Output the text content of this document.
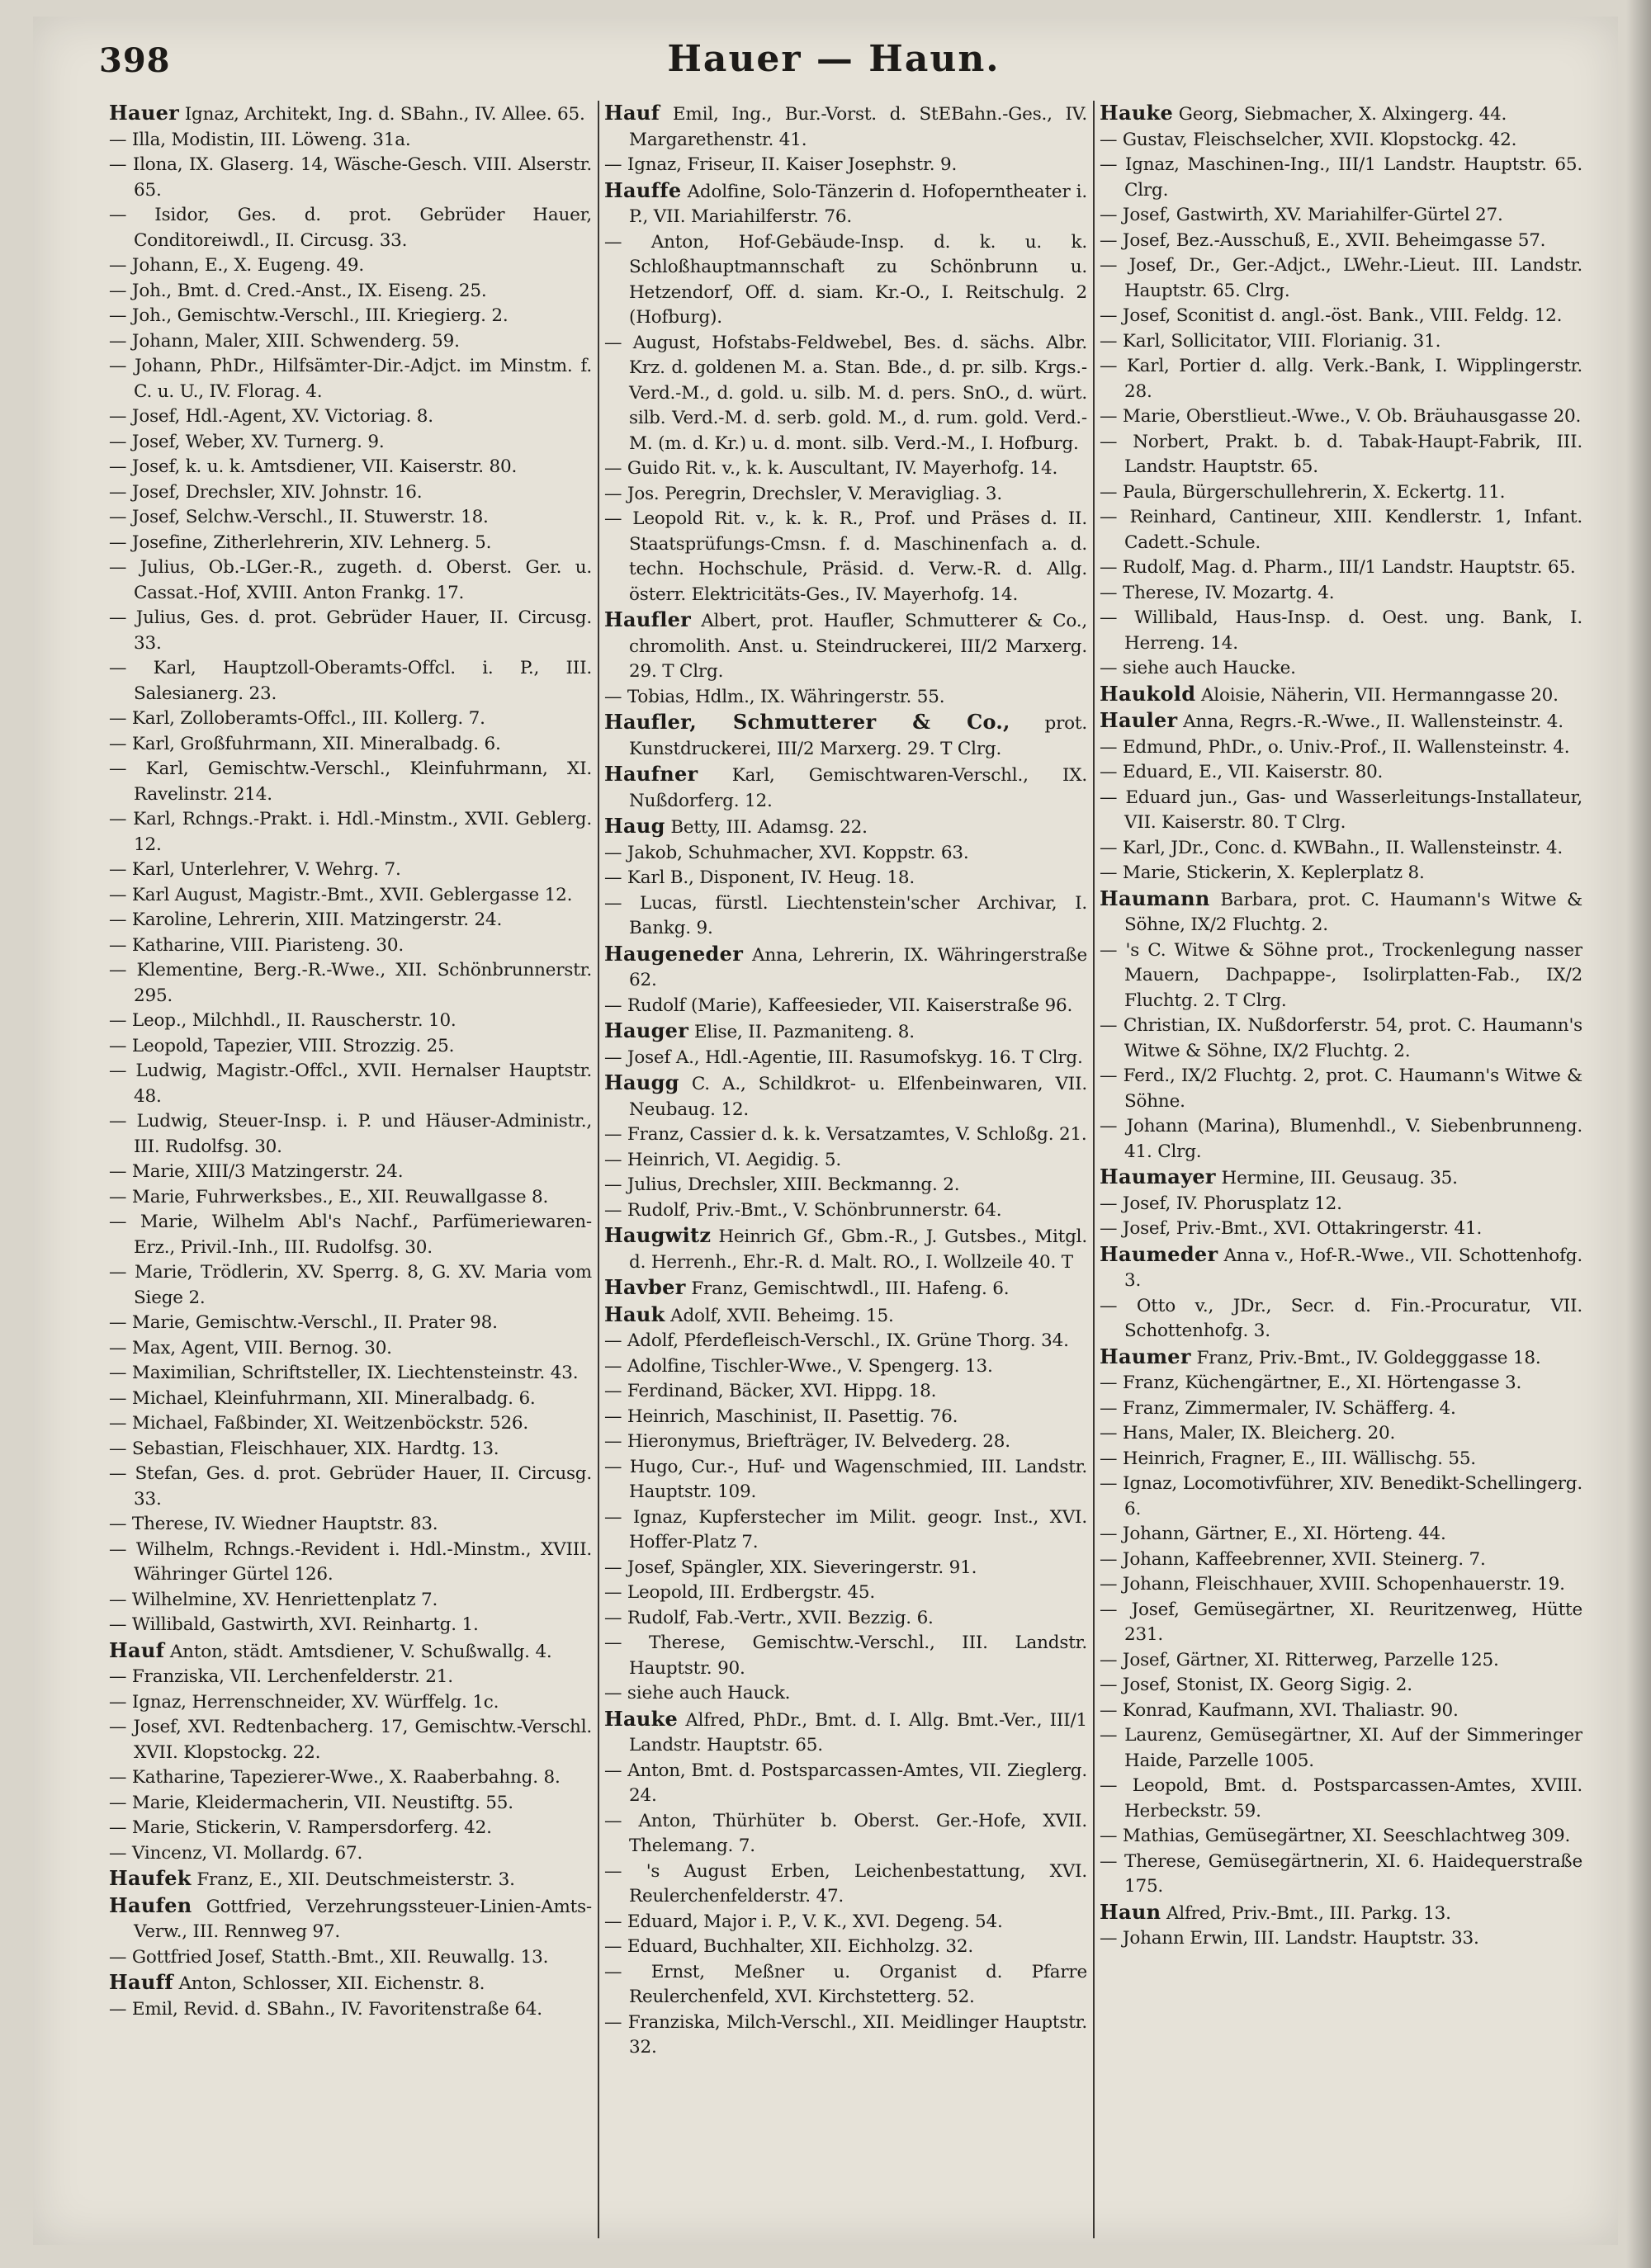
398	Hauer — Haun.
Hauer Ignaz, Architekt, Ing. d. SBahn., IV. Allee. 65.
— Illa, Modistin, III. Löweng. 31a.
— Ilona, IX. Glaserg. 14, Wäsche-Gesch. VIII. Alserstr. 65.
— Isidor, Ges. d. prot. Gebrüder Hauer, Conditoreiwdl., II. Circusg. 33.
— Johann, E., X. Eugeng. 49.
— Joh., Bmt. d. Cred.-Anst., IX. Eiseng. 25.
— Joh., Gemischtw.-Verschl., III. Kriegierg. 2.
— Johann, Maler, XIII. Schwenderg. 59.
— Johann, PhDr., Hilfsämter-Dir.-Adjct. im Minstm. f. C. u. U., IV. Florag. 4.
— Josef, Hdl.-Agent, XV. Victoriag. 8.
— Josef, Weber, XV. Turnerg. 9.
— Josef, k. u. k. Amtsdiener, VII. Kaiserstr. 80.
— Josef, Drechsler, XIV. Johnstr. 16.
— Josef, Selchw.-Verschl., II. Stuwerstr. 18.
— Josefine, Zitherlehrerin, XIV. Lehnerg. 5.
— Julius, Ob.-LGer.-R., zugeth. d. Oberst. Ger. u. Cassat.-Hof, XVIII. Anton Frankg. 17.
— Julius, Ges. d. prot. Gebrüder Hauer, II. Circusg. 33.
— Karl, Hauptzoll-Oberamts-Offcl. i. P., III. Salesianerg. 23.
— Karl, Zolloberamts-Offcl., III. Kollerg. 7.
— Karl, Großfuhrmann, XII. Mineralbadg. 6.
— Karl, Gemischtw.-Verschl., Kleinfuhrmann, XI. Ravelinstr. 214.
— Karl, Rchngs.-Prakt. i. Hdl.-Minstm., XVII. Geblerg. 12.
— Karl, Unterlehrer, V. Wehrg. 7.
— Karl August, Magistr.-Bmt., XVII. Geblergasse 12.
— Karoline, Lehrerin, XIII. Matzingerstr. 24.
— Katharine, VIII. Piaristeng. 30.
— Klementine, Berg.-R.-Wwe., XII. Schönbrunnerstr. 295.
— Leop., Milchhdl., II. Rauscherstr. 10.
— Leopold, Tapezier, VIII. Strozzig. 25.
— Ludwig, Magistr.-Offcl., XVII. Hernalser Hauptstr. 48.
— Ludwig, Steuer-Insp. i. P. und Häuser-Administr., III. Rudolfsg. 30.
— Marie, XIII/3 Matzingerstr. 24.
— Marie, Fuhrwerksbes., E., XII. Reuwallgasse 8.
— Marie, Wilhelm Abl's Nachf., Parfümeriewaren-Erz., Privil.-Inh., III. Rudolfsg. 30.
— Marie, Trödlerin, XV. Sperrg. 8, G. XV. Maria vom Siege 2.
— Marie, Gemischtw.-Verschl., II. Prater 98.
— Max, Agent, VIII. Bernog. 30.
— Maximilian, Schriftsteller, IX. Liechtensteinstr. 43.
— Michael, Kleinfuhrmann, XII. Mineralbadg. 6.
— Michael, Faßbinder, XI. Weitzenböckstr. 526.
— Sebastian, Fleischhauer, XIX. Hardtg. 13.
— Stefan, Ges. d. prot. Gebrüder Hauer, II. Circusg. 33.
— Therese, IV. Wiedner Hauptstr. 83.
— Wilhelm, Rchngs.-Revident i. Hdl.-Minstm., XVIII. Währinger Gürtel 126.
— Wilhelmine, XV. Henriettenplatz 7.
— Willibald, Gastwirth, XVI. Reinhartg. 1.
Hauf Anton, städt. Amtsdiener, V. Schußwallg. 4.
— Franziska, VII. Lerchenfelderstr. 21.
— Ignaz, Herrenschneider, XV. Würffelg. 1c.
— Josef, XVI. Redtenbacherg. 17, Gemischtw.-Verschl. XVII. Klopstockg. 22.
— Katharine, Tapezierer-Wwe., X. Raaberbahng. 8.
— Marie, Kleidermacherin, VII. Neustiftg. 55.
— Marie, Stickerin, V. Rampersdorferg. 42.
— Vincenz, VI. Mollardg. 67.
Haufek Franz, E., XII. Deutschmeisterstr. 3.
Haufen Gottfried, Verzehrungssteuer-Linien-Amts-Verw., III. Rennweg 97.
— Gottfried Josef, Statth.-Bmt., XII. Reuwallg. 13.
Hauff Anton, Schlosser, XII. Eichenstr. 8.
— Emil, Revid. d. SBahn., IV. Favoritenstraße 64.
Hauf Emil, Ing., Bur.-Vorst. d. StEBahn.-Ges., IV. Margarethenstr. 41.
— Ignaz, Friseur, II. Kaiser Josephstr. 9.
Hauffe Adolfine, Solo-Tänzerin d. Hofoperntheater i. P., VII. Mariahilferstr. 76.
— Anton, Hof-Gebäude-Insp. d. k. u. k. Schloßhauptmannschaft zu Schönbrunn u. Hetzendorf, Off. d. siam. Kr.-O., I. Reitschulg. 2 (Hofburg).
— August, Hofstabs-Feldwebel, Bes. d. sächs. Albr. Krz. d. goldenen M. a. Stan. Bde., d. pr. silb. Krgs.-Verd.-M., d. gold. u. silb. M. d. pers. SnO., d. würt. silb. Verd.-M. d. serb. gold. M., d. rum. gold. Verd.-M. (m. d. Kr.) u. d. mont. silb. Verd.-M., I. Hofburg.
— Guido Rit. v., k. k. Auscultant, IV. Mayerhofg. 14.
— Jos. Peregrin, Drechsler, V. Meravigliag. 3.
— Leopold Rit. v., k. k. R., Prof. und Präses d. II. Staatsprüfungs-Cmsn. f. d. Maschinenfach a. d. techn. Hochschule, Präsid. d. Verw.-R. d. Allg. österr. Elektricitäts-Ges., IV. Mayerhofg. 14.
Haufler Albert, prot. Haufler, Schmutterer & Co., chromolith. Anst. u. Steindruckerei, III/2 Marxerg. 29. T Clrg.
— Tobias, Hdlm., IX. Währingerstr. 55.
Haufler, Schmutterer & Co., prot. Kunstdruckerei, III/2 Marxerg. 29. T Clrg.
Haufner Karl, Gemischtwaren-Verschl., IX. Nußdorferg. 12.
Haug Betty, III. Adamsg. 22.
— Jakob, Schuhmacher, XVI. Koppstr. 63.
— Karl B., Disponent, IV. Heug. 18.
— Lucas, fürstl. Liechtenstein'scher Archivar, I. Bankg. 9.
Haugeneder Anna, Lehrerin, IX. Währingerstraße 62.
— Rudolf (Marie), Kaffeesieder, VII. Kaiserstraße 96.
Hauger Elise, II. Pazmaniteng. 8.
— Josef A., Hdl.-Agentie, III. Rasumofskyg. 16. T Clrg.
Haugg C. A., Schildkrot- u. Elfenbeinwaren, VII. Neubaug. 12.
— Franz, Cassier d. k. k. Versatzamtes, V. Schloßg. 21.
— Heinrich, VI. Aegidig. 5.
— Julius, Drechsler, XIII. Beckmanng. 2.
— Rudolf, Priv.-Bmt., V. Schönbrunnerstr. 64.
Haugwitz Heinrich Gf., Gbm.-R., J. Gutsbes., Mitgl. d. Herrenh., Ehr.-R. d. Malt. RO., I. Wollzeile 40. T
Havber Franz, Gemischtwdl., III. Hafeng. 6.
Hauk Adolf, XVII. Beheimg. 15.
— Adolf, Pferdefleisch-Verschl., IX. Grüne Thorg. 34.
— Adolfine, Tischler-Wwe., V. Spengerg. 13.
— Ferdinand, Bäcker, XVI. Hippg. 18.
— Heinrich, Maschinist, II. Pasettig. 76.
— Hieronymus, Briefträger, IV. Belvederg. 28.
— Hugo, Cur.-, Huf- und Wagenschmied, III. Landstr. Hauptstr. 109.
— Ignaz, Kupferstecher im Milit. geogr. Inst., XVI. Hoffer-Platz 7.
— Josef, Spängler, XIX. Sieveringerstr. 91.
— Leopold, III. Erdbergstr. 45.
— Rudolf, Fab.-Vertr., XVII. Bezzig. 6.
— Therese, Gemischtw.-Verschl., III. Landstr. Hauptstr. 90.
— siehe auch Hauck.
Hauke Alfred, PhDr., Bmt. d. I. Allg. Bmt.-Ver., III/1 Landstr. Hauptstr. 65.
— Anton, Bmt. d. Postsparcassen-Amtes, VII. Zieglerg. 24.
— Anton, Thürhüter b. Oberst. Ger.-Hofe, XVII. Thelemang. 7.
— 's August Erben, Leichenbestattung, XVI. Reulerchenfelderstr. 47.
— Eduard, Major i. P., V. K., XVI. Degeng. 54.
— Eduard, Buchhalter, XII. Eichholzg. 32.
— Ernst, Meßner u. Organist d. Pfarre Reulerchenfeld, XVI. Kirchstetterg. 52.
— Franziska, Milch-Verschl., XII. Meidlinger Hauptstr. 32.
Hauke Georg, Siebmacher, X. Alxingerg. 44.
— Gustav, Fleischselcher, XVII. Klopstockg. 42.
— Ignaz, Maschinen-Ing., III/1 Landstr. Hauptstr. 65. Clrg.
— Josef, Gastwirth, XV. Mariahilfer-Gürtel 27.
— Josef, Bez.-Ausschuß, E., XVII. Beheimgasse 57.
— Josef, Dr., Ger.-Adjct., LWehr.-Lieut. III. Landstr. Hauptstr. 65. Clrg.
— Josef, Sconitist d. angl.-öst. Bank., VIII. Feldg. 12.
— Karl, Sollicitator, VIII. Florianig. 31.
— Karl, Portier d. allg. Verk.-Bank, I. Wipplingerstr. 28.
— Marie, Oberstlieut.-Wwe., V. Ob. Bräuhausgasse 20.
— Norbert, Prakt. b. d. Tabak-Haupt-Fabrik, III. Landstr. Hauptstr. 65.
— Paula, Bürgerschullehrerin, X. Eckertg. 11.
— Reinhard, Cantineur, XIII. Kendlerstr. 1, Infant. Cadett.-Schule.
— Rudolf, Mag. d. Pharm., III/1 Landstr. Hauptstr. 65.
— Therese, IV. Mozartg. 4.
— Willibald, Haus-Insp. d. Oest. ung. Bank, I. Herreng. 14.
— siehe auch Haucke.
Haukold Aloisie, Näherin, VII. Hermanngasse 20.
Hauler Anna, Regrs.-R.-Wwe., II. Wallensteinstr. 4.
— Edmund, PhDr., o. Univ.-Prof., II. Wallensteinstr. 4.
— Eduard, E., VII. Kaiserstr. 80.
— Eduard jun., Gas- und Wasserleitungs-Installateur, VII. Kaiserstr. 80. T Clrg.
— Karl, JDr., Conc. d. KWBahn., II. Wallensteinstr. 4.
— Marie, Stickerin, X. Keplerplatz 8.
Haumann Barbara, prot. C. Haumann's Witwe & Söhne, IX/2 Fluchtg. 2.
— 's C. Witwe & Söhne prot., Trockenlegung nasser Mauern, Dachpappe-, Isolirplatten-Fab., IX/2 Fluchtg. 2. T Clrg.
— Christian, IX. Nußdorferstr. 54, prot. C. Haumann's Witwe & Söhne, IX/2 Fluchtg. 2.
— Ferd., IX/2 Fluchtg. 2, prot. C. Haumann's Witwe & Söhne.
— Johann (Marina), Blumenhdl., V. Siebenbrunneng. 41. Clrg.
Haumayer Hermine, III. Geusaug. 35.
— Josef, IV. Phorusplatz 12.
— Josef, Priv.-Bmt., XVI. Ottakringerstr. 41.
Haumeder Anna v., Hof-R.-Wwe., VII. Schottenhofg. 3.
— Otto v., JDr., Secr. d. Fin.-Procuratur, VII. Schottenhofg. 3.
Haumer Franz, Priv.-Bmt., IV. Goldegggasse 18.
— Franz, Küchengärtner, E., XI. Hörtengasse 3.
— Franz, Zimmermaler, IV. Schäfferg. 4.
— Hans, Maler, IX. Bleicherg. 20.
— Heinrich, Fragner, E., III. Wällischg. 55.
— Ignaz, Locomotivführer, XIV. Benedikt-Schellingerg. 6.
— Johann, Gärtner, E., XI. Hörteng. 44.
— Johann, Kaffeebrenner, XVII. Steinerg. 7.
— Johann, Fleischhauer, XVIII. Schopenhauerstr. 19.
— Josef, Gemüsegärtner, XI. Reuritzenweg, Hütte 231.
— Josef, Gärtner, XI. Ritterweg, Parzelle 125.
— Josef, Stonist, IX. Georg Sigig. 2.
— Konrad, Kaufmann, XVI. Thaliastr. 90.
— Laurenz, Gemüsegärtner, XI. Auf der Simmeringer Haide, Parzelle 1005.
— Leopold, Bmt. d. Postsparcassen-Amtes, XVIII. Herbeckstr. 59.
— Mathias, Gemüsegärtner, XI. Seeschlachtweg 309.
— Therese, Gemüsegärtnerin, XI. 6. Haidequerstraße 175.
Haun Alfred, Priv.-Bmt., III. Parkg. 13.
— Johann Erwin, III. Landstr. Hauptstr. 33.
